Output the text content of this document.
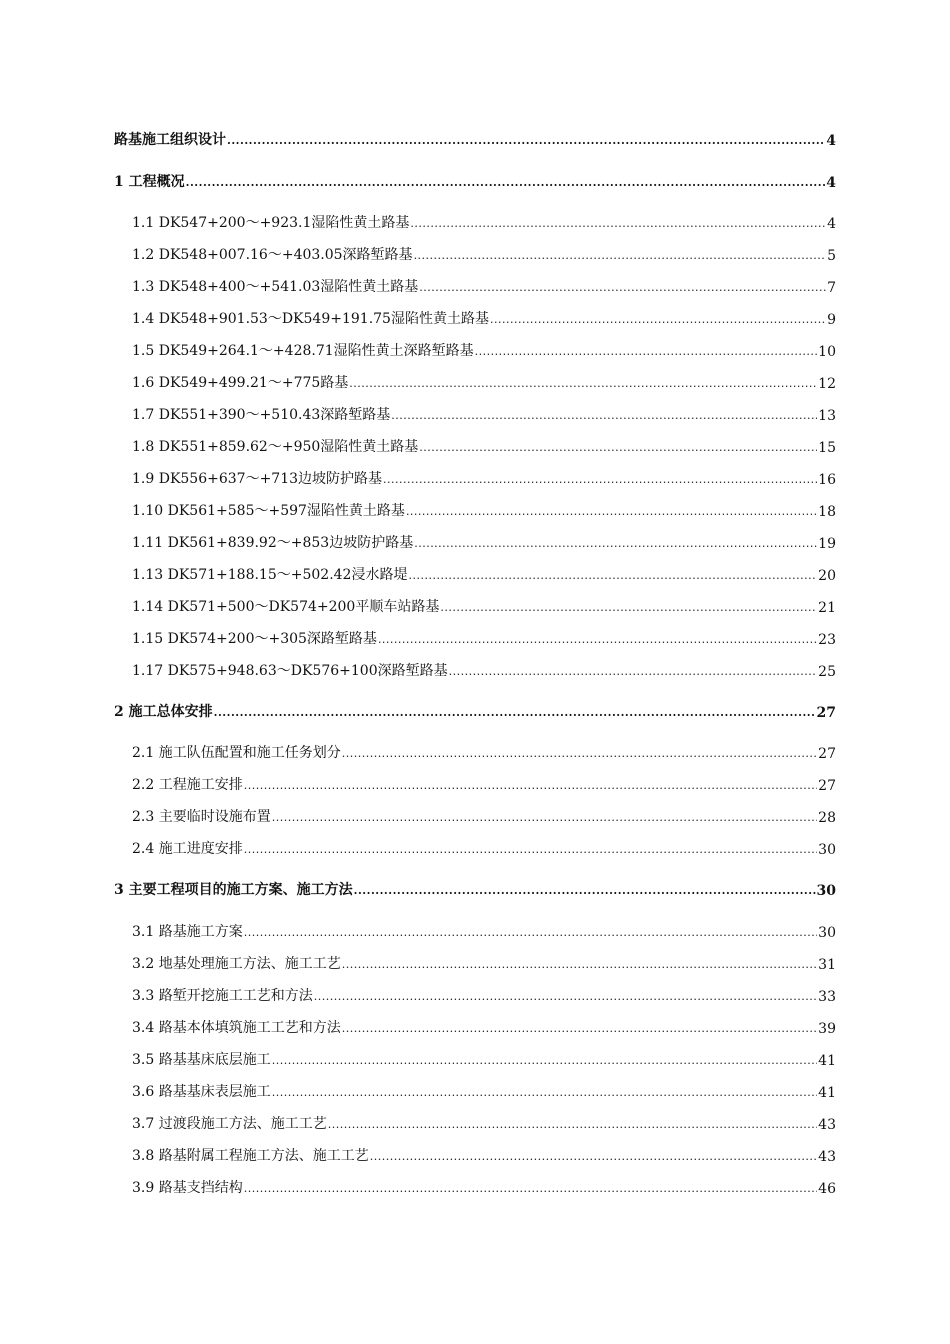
路基施工组织设计 .....	4
1 工程概况 .....	4
1.1 DK547+200～+923.1湿陷性黄土路基 .....	4
1.2 DK548+007.16～+403.05深路堑路基 .....	5
1.3 DK548+400～+541.03湿陷性黄土路基 .....	7
1.4 DK548+901.53～DK549+191.75湿陷性黄土路基 .....	9
1.5 DK549+264.1～+428.71湿陷性黄土深路堑路基 .....	10
1.6 DK549+499.21～+775路基 .....	12
1.7 DK551+390～+510.43深路堑路基 .....	13
1.8 DK551+859.62～+950湿陷性黄土路基 .....	15
1.9 DK556+637～+713边坡防护路基 .....	16
1.10 DK561+585～+597湿陷性黄土路基 .....	18
1.11 DK561+839.92～+853边坡防护路基 .....	19
1.13 DK571+188.15～+502.42浸水路堤 .....	20
1.14 DK571+500～DK574+200平顺车站路基 .....	21
1.15 DK574+200～+305深路堑路基 .....	23
1.17 DK575+948.63～DK576+100深路堑路基 .....	25
2 施工总体安排 .....	27
2.1 施工队伍配置和施工任务划分 .....	27
2.2 工程施工安排 .....	27
2.3 主要临时设施布置 .....	28
2.4 施工进度安排 .....	30
3 主要工程项目的施工方案、施工方法 .....	30
3.1 路基施工方案 .....	30
3.2 地基处理施工方法、施工工艺 .....	31
3.3 路堑开挖施工工艺和方法 .....	33
3.4 路基本体填筑施工工艺和方法 .....	39
3.5 路基基床底层施工 .....	41
3.6 路基基床表层施工 .....	41
3.7 过渡段施工方法、施工工艺 .....	43
3.8 路基附属工程施工方法、施工工艺 .....	43
3.9 路基支挡结构 .....	46
